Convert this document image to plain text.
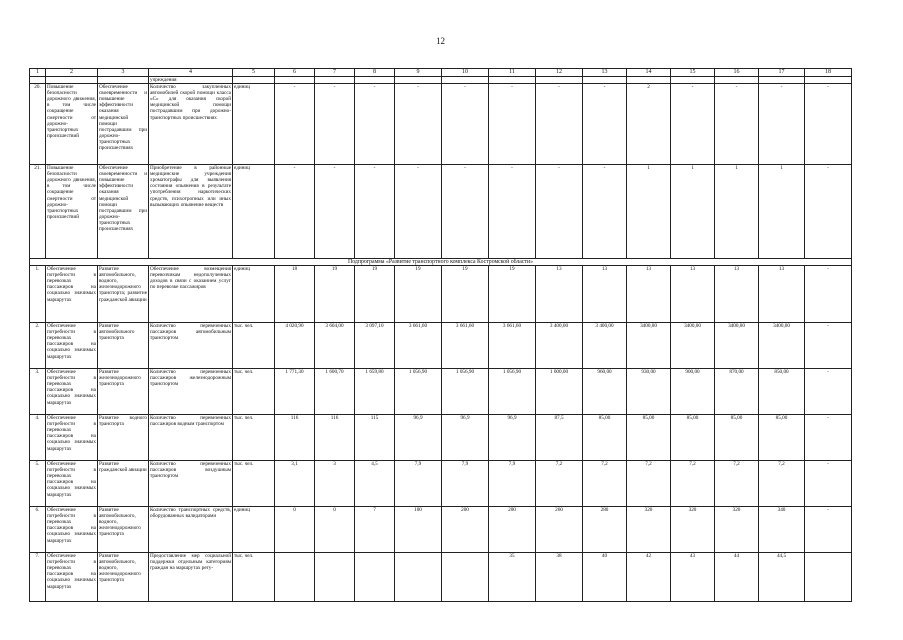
12
1	2	3	4	5	6	7	8	9	10	11	12	13	14	15	16	17	18
			учреждения														
20.	Повышение безопасности дорожного движения, в том числе сокращение смертности от дорожно-транспортных происшествий	Обеспечение своевременности и повышение эффективности оказания медицинской помощи пострадавшим при дорожно-транспортных происшествиях	Количество закупленных автомобилей скорой помощи класса «С» для оказания скорой медицинской помощи пострадавшим при дорожно-транспортных происшествиях	единиц	-	-	-	-	-	-	-	-	2	-	-	-	-
21.	Повышение безопасности дорожного движения, в том числе сокращение смертности от дорожно-транспортных происшествий	Обеспечение своевременности и повышение эффективности оказания медицинской помощи пострадавшим при дорожно-транспортных происшествиях	Приобретение в районные медицинские учреждения хроматографы для выявления состояния опьянения в результате употребления наркотических средств, психотропных или иных вызывающих опьянение веществ	единиц	-	-	-	-	-	-	-	-	1	1	1	1	-
Подпрограмма «Развитие транспортного комплекса Костромской области»																	
1.	Обеспечение потребности в перевозках пассажиров на социально значимых маршрутах	Развитие автомобильного, водного, железнодорожного транспорта; развитие гражданской авиации	Обеспечение возмещения перевозчикам недополученных доходов в связи с оказанием услуг по перевозке пассажиров	единиц	18	19	19	19	19	19	13	13	13	13	13	13	-
2.	Обеспечение потребности в перевозках пассажиров на социально значимых маршрутах	Развитие автомобильного транспорта	Количество перевезенных пассажиров автомобильным транспортом	тыс. чел.	4 020,90	3 604,00	3 097,10	3 661,60	3 661,60	3 661,60	3 400,00	3 400,00	3400,00	3400,00	3400,00	3400,00	-
3.	Обеспечение потребности в перевозках пассажиров на социально значимых маршрутах	Развитие железнодорожного транспорта	Количество перевезенных пассажиров железнодорожным транспортом	тыс. чел.	1 771,30	1 600,70	1 659,80	1 056,90	1 056,90	1 056,90	1 000,00	960,00	930,00	900,00	870,00	850,00	-
4.	Обеспечение потребности в перевозках пассажиров на социально значимых маршрутах	Развитие водного транспорта	Количество перевезенных пассажиров водным транспортом	тыс. чел.	116	116	115	96,9	96,9	96,9	87,5	85,00	85,00	85,00	85,00	85,00	-
5.	Обеспечение потребности в перевозках пассажиров на социально значимых маршрутах	Развитие гражданской авиации	Количество перевезенных пассажиров воздушным транспортом	тыс. чел.	3,1	3	4,5	7,9	7,9	7,9	7,2	7,2	7,2	7,2	7,2	7,2	-
6.	Обеспечение потребности в перевозках пассажиров на социально значимых маршрутах	Развитие автомобильного, водного, железнодорожного транспорта	Количество транспортных средств, оборудованных валидаторами	единиц	0	0	7	100	200	200	260	280	320	320	320	340	-
7.	Обеспечение потребности в перевозках пассажиров на социально значимых маршрутах	Развитие автомобильного, водного, железнодорожного транспорта	Предоставление мер социальной поддержки отдельным категориям граждан на маршрутах регу-	тыс. чел.						35	38	40	42	43	44	44,5	
